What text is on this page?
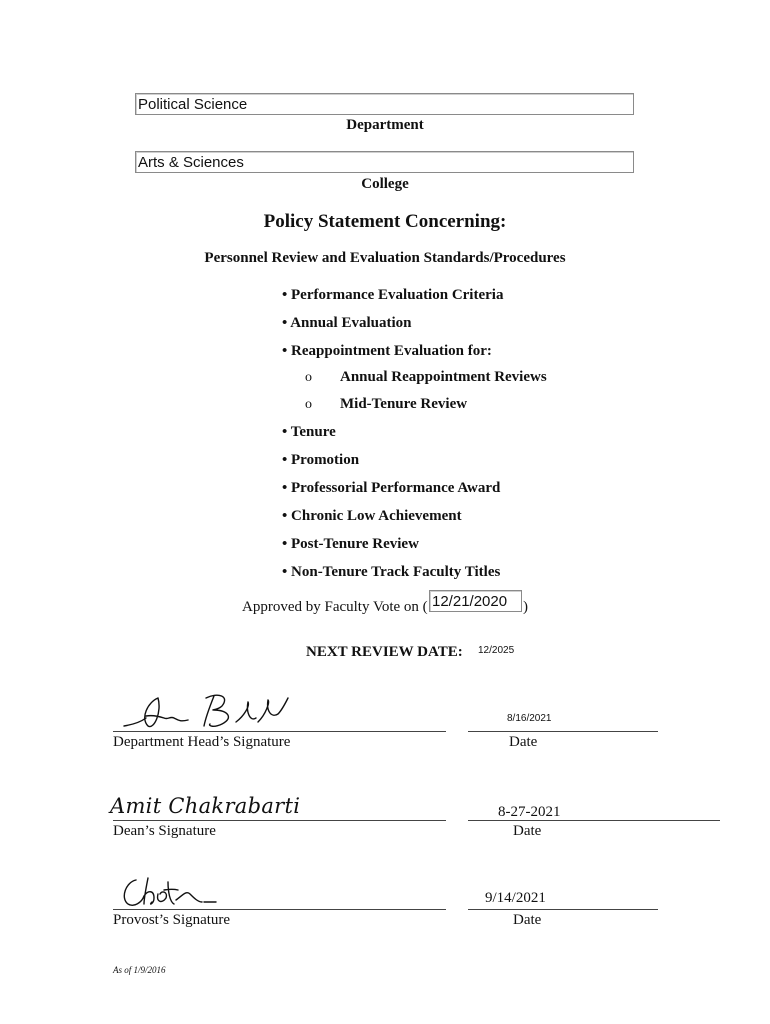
Political Science
Department
Arts & Sciences
College
Policy Statement Concerning:
Personnel Review and Evaluation Standards/Procedures
• Performance Evaluation Criteria
• Annual Evaluation
• Reappointment Evaluation for:
o Annual Reappointment Reviews
o Mid-Tenure Review
• Tenure
• Promotion
• Professorial Performance Award
• Chronic Low Achievement
• Post-Tenure Review
• Non-Tenure Track Faculty Titles
Approved by Faculty Vote on ( 12/21/2020	)
NEXT REVIEW DATE: 12/2025
Department Head’s Signature
8/16/2021
Date
Amit Chakrabarti
Dean’s Signature
8-27-2021
Date
Provost’s Signature
9/14/2021
Date
As of 1/9/2016
